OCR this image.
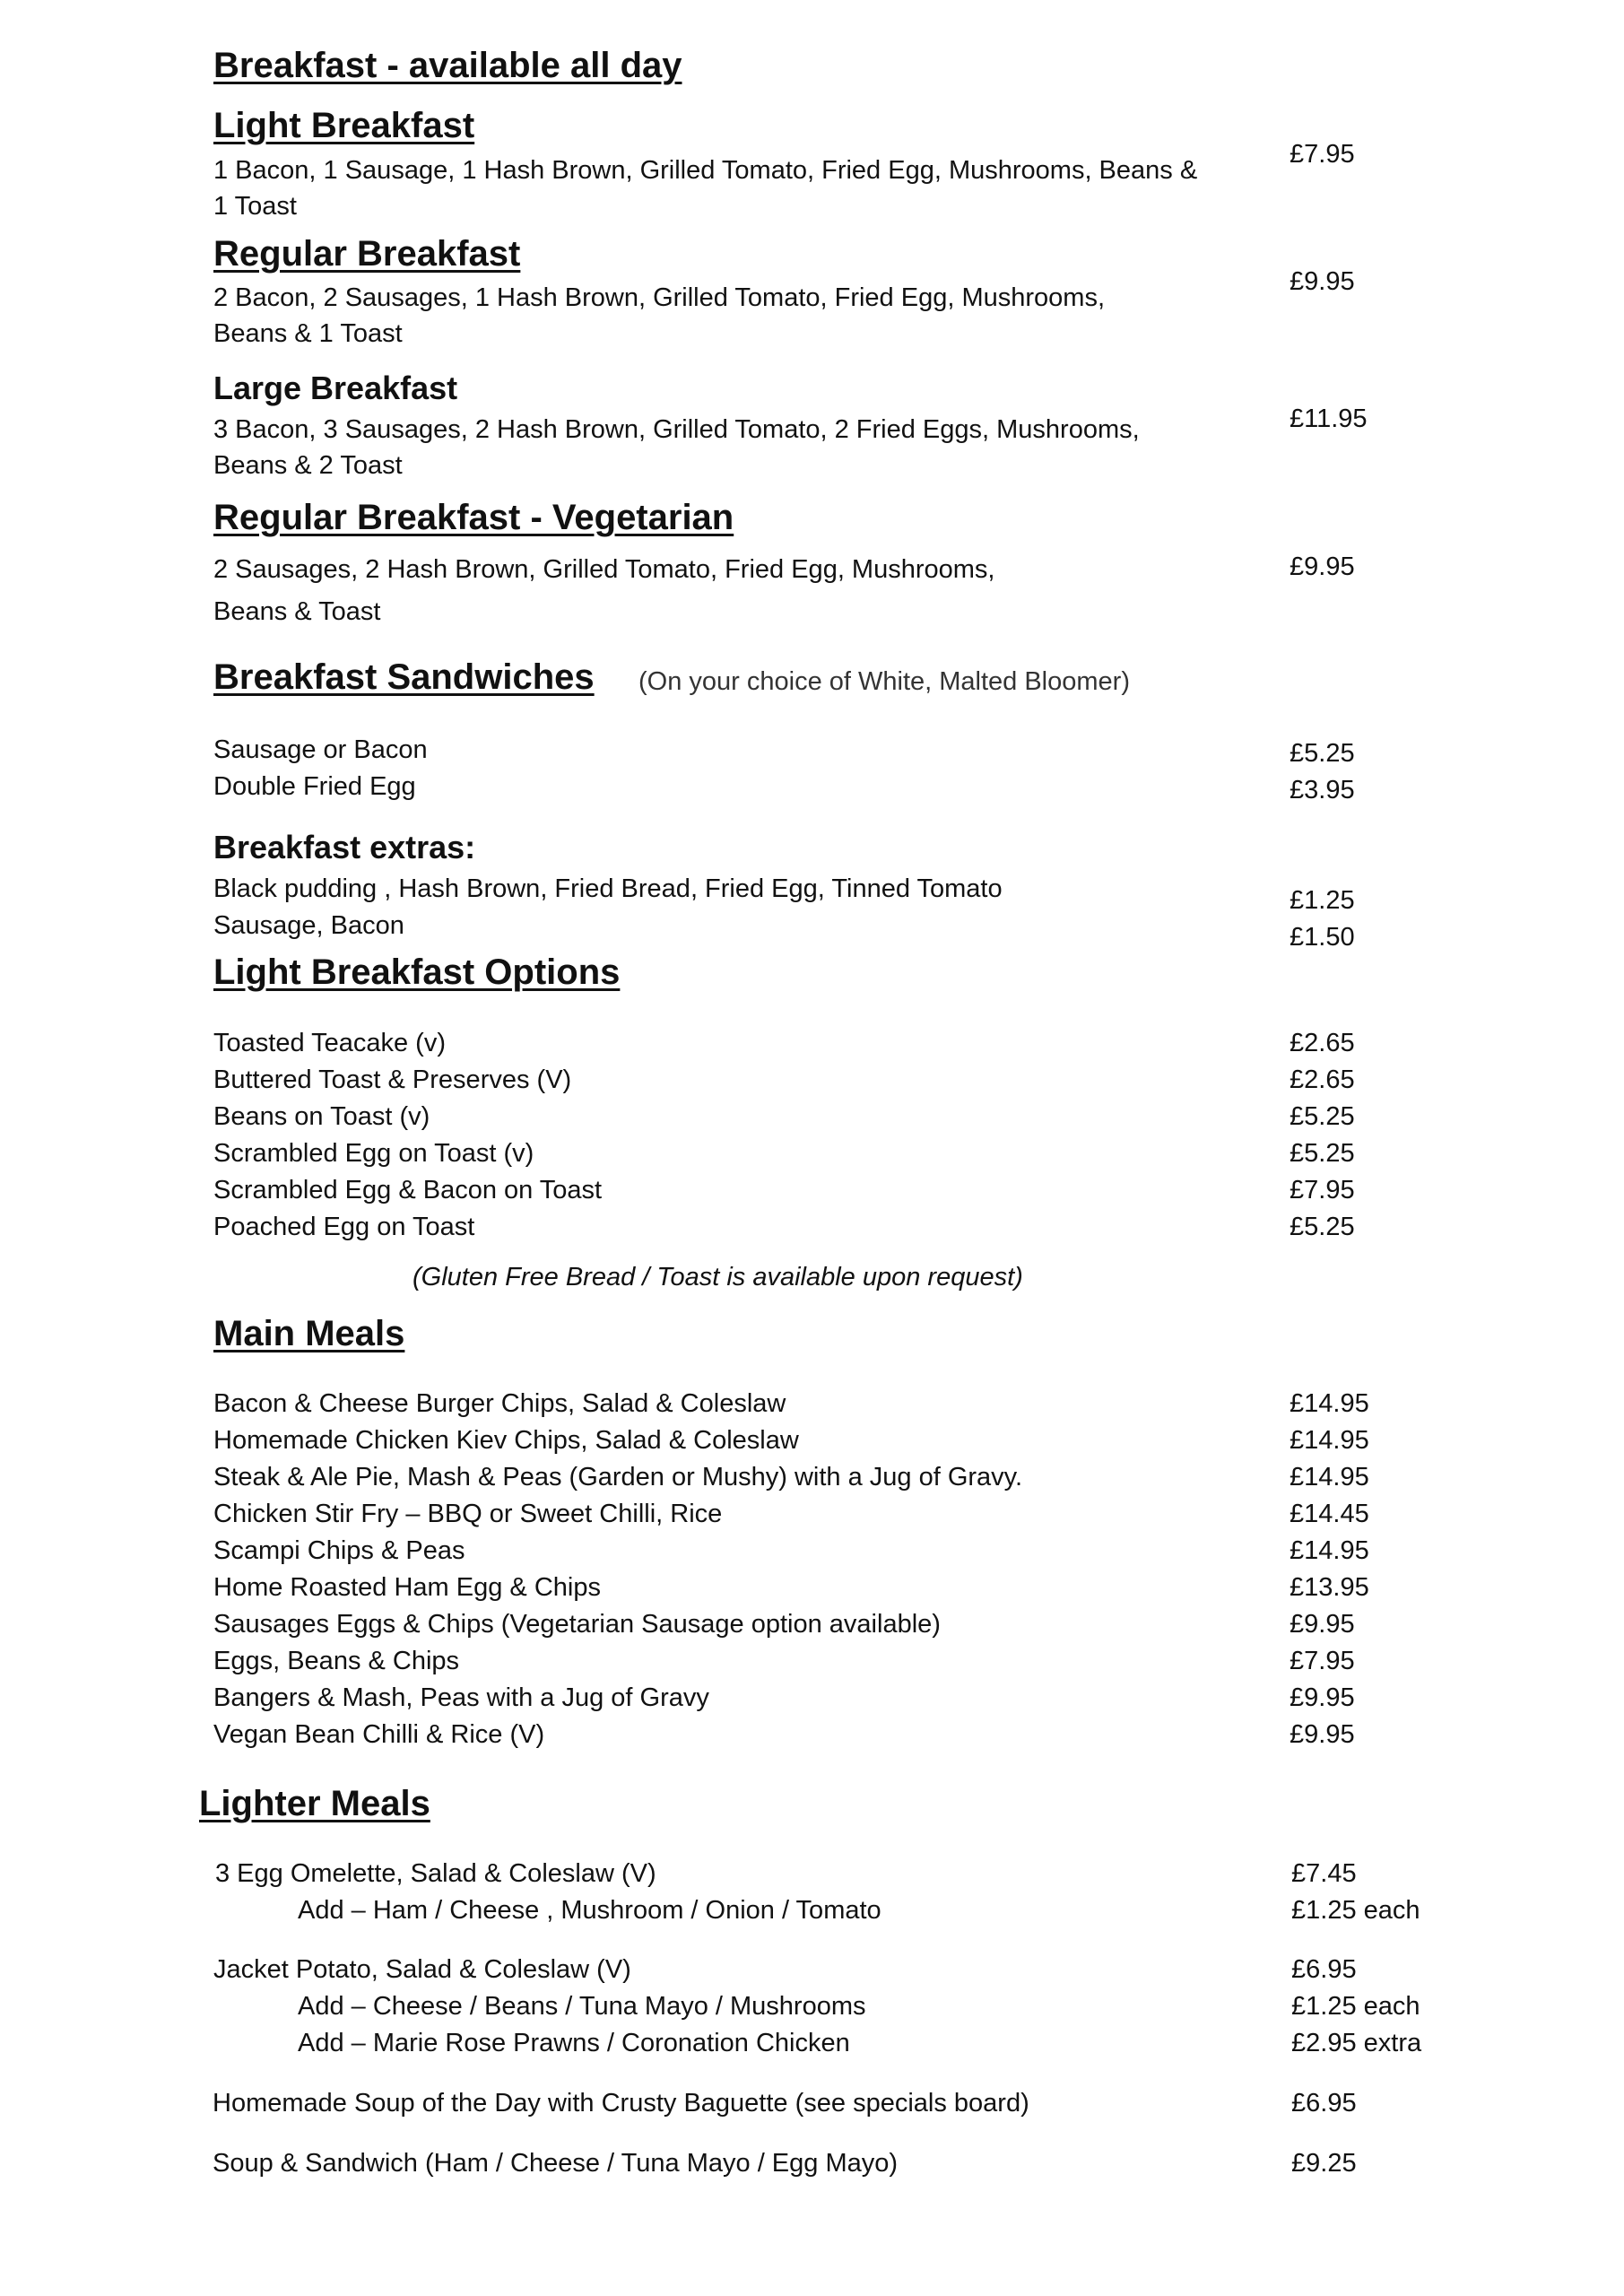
Breakfast - available all day
Light Breakfast
1 Bacon, 1 Sausage, 1 Hash Brown, Grilled Tomato, Fried Egg, Mushrooms, Beans &
1 Toast
£7.95
Regular Breakfast
2 Bacon, 2 Sausages, 1 Hash Brown, Grilled Tomato, Fried Egg, Mushrooms,
Beans & 1 Toast
£9.95
Large Breakfast
3 Bacon, 3 Sausages, 2 Hash Brown, Grilled Tomato, 2 Fried Eggs, Mushrooms,
Beans & 2 Toast
£11.95
Regular Breakfast - Vegetarian
2 Sausages, 2 Hash Brown, Grilled Tomato, Fried Egg, Mushrooms,
Beans & Toast
£9.95
Breakfast Sandwiches (On your choice of White, Malted Bloomer)
Sausage or Bacon	£5.25
Double Fried Egg	£3.95
Breakfast extras:
Black pudding , Hash Brown, Fried Bread, Fried Egg, Tinned Tomato	£1.25
Sausage, Bacon	£1.50
Light Breakfast Options
Toasted Teacake (v)	£2.65
Buttered Toast & Preserves (V)	£2.65
Beans on Toast (v)	£5.25
Scrambled Egg on Toast (v)	£5.25
Scrambled Egg & Bacon on Toast	£7.95
Poached Egg on Toast	£5.25
(Gluten Free Bread / Toast is available upon request)
Main Meals
Bacon & Cheese Burger Chips, Salad & Coleslaw	£14.95
Homemade Chicken Kiev Chips, Salad & Coleslaw	£14.95
Steak & Ale Pie, Mash & Peas (Garden or Mushy) with a Jug of Gravy.	£14.95
Chicken Stir Fry – BBQ or Sweet Chilli, Rice	£14.45
Scampi Chips & Peas	£14.95
Home Roasted Ham Egg & Chips	£13.95
Sausages Eggs & Chips (Vegetarian Sausage option available)	£9.95
Eggs, Beans & Chips	£7.95
Bangers & Mash, Peas with a Jug of Gravy	£9.95
Vegan Bean Chilli & Rice (V)	£9.95
Lighter Meals
3 Egg Omelette, Salad & Coleslaw (V)	£7.45
Add – Ham / Cheese , Mushroom / Onion / Tomato	£1.25 each
Jacket Potato, Salad & Coleslaw (V)	£6.95
Add – Cheese / Beans / Tuna Mayo / Mushrooms	£1.25 each
Add – Marie Rose Prawns / Coronation Chicken	£2.95 extra
Homemade Soup of the Day with Crusty Baguette (see specials board)	£6.95
Soup & Sandwich (Ham / Cheese / Tuna Mayo / Egg Mayo)	£9.25
